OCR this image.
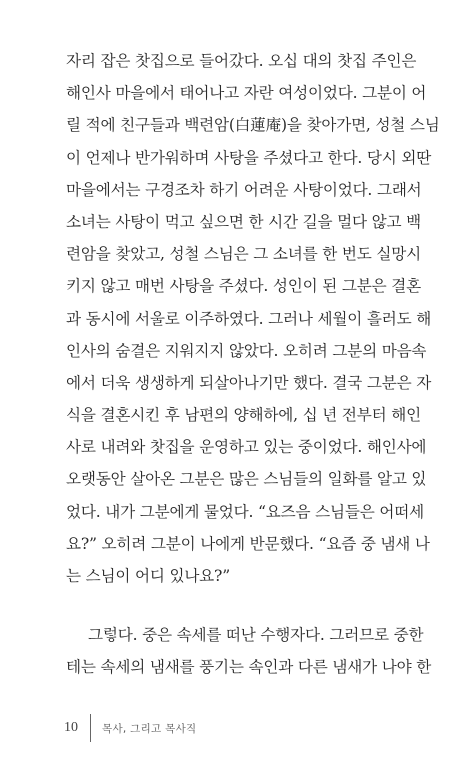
자리 잡은 찻집으로 들어갔다. 오십 대의 찻집 주인은
해인사 마을에서 태어나고 자란 여성이었다. 그분이 어
릴 적에 친구들과 백련암(白蓮庵)을 찾아가면, 성철 스님
이 언제나 반가워하며 사탕을 주셨다고 한다. 당시 외딴
마을에서는 구경조차 하기 어려운 사탕이었다. 그래서
소녀는 사탕이 먹고 싶으면 한 시간 길을 멀다 않고 백
련암을 찾았고, 성철 스님은 그 소녀를 한 번도 실망시
키지 않고 매번 사탕을 주셨다. 성인이 된 그분은 결혼
과 동시에 서울로 이주하였다. 그러나 세월이 흘러도 해
인사의 숨결은 지워지지 않았다. 오히려 그분의 마음속
에서 더욱 생생하게 되살아나기만 했다. 결국 그분은 자
식을 결혼시킨 후 남편의 양해하에, 십 년 전부터 해인
사로 내려와 찻집을 운영하고 있는 중이었다. 해인사에
오랫동안 살아온 그분은 많은 스님들의 일화를 알고 있
었다. 내가 그분에게 물었다. “요즈음 스님들은 어떠세
요?” 오히려 그분이 나에게 반문했다. “요즘 중 냄새 나
는 스님이 어디 있나요?”
그렇다. 중은 속세를 떠난 수행자다. 그러므로 중한
테는 속세의 냄새를 풍기는 속인과 다른 냄새가 나야 한
10 목사, 그리고 목사직
